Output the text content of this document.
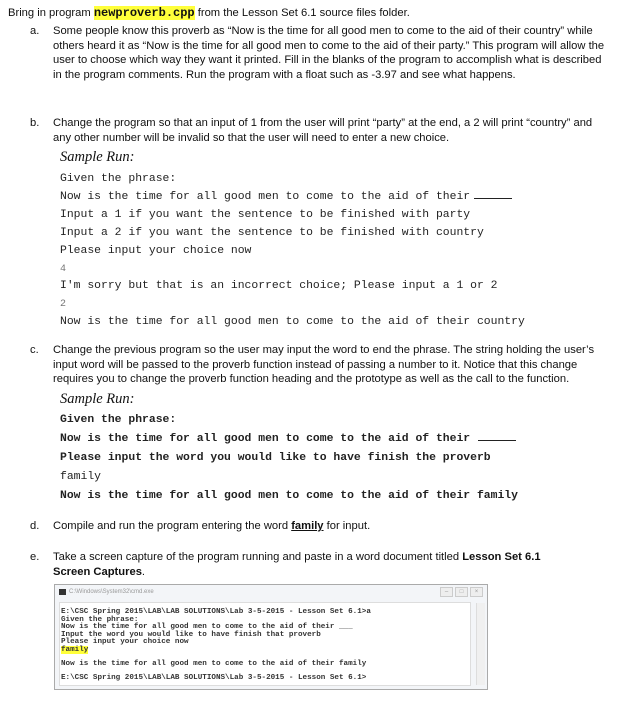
Bring in program newproverb.cpp from the Lesson Set 6.1 source files folder.
a. Some people know this proverb as “Now is the time for all good men to come to the aid of their country” while others heard it as “Now is the time for all good men to come to the aid of their party.” This program will allow the user to choose which way they want it printed. Fill in the blanks of the program to accomplish what is described in the program comments. Run the program with a float such as -3.97 and see what happens.
b. Change the program so that an input of 1 from the user will print “party” at the end, a 2 will print “country” and any other number will be invalid so that the user will need to enter a new choice.
Sample Run:
Given the phrase:
Now is the time for all good men to come to the aid of their
Input a 1 if you want the sentence to be finished with party
Input a 2 if you want the sentence to be finished with country
Please input your choice now
4
I'm sorry but that is an incorrect choice; Please input a 1 or 2
2
Now is the time for all good men to come to the aid of their country
c. Change the previous program so the user may input the word to end the phrase. The string holding the user’s input word will be passed to the proverb function instead of passing a number to it. Notice that this change requires you to change the proverb function heading and the prototype as well as the call to the function.
Sample Run:
Given the phrase:
Now is the time for all good men to come to the aid of their
Please input the word you would like to have finish the proverb
family
Now is the time for all good men to come to the aid of their family
d. Compile and run the program entering the word family for input.
e. Take a screen capture of the program running and paste in a word document titled Lesson Set 6.1 Screen Captures.
C:\Windows\System32\cmd.exe	–	□	×
E:\CSC Spring 2015\LAB\LAB SOLUTIONS\Lab 3-5-2015 - Lesson Set 6.1>a
Given the phrase:
Now is the time for all good men to come to the aid of their ___
Input the word you would like to have finish that proverb
Please input your choice now
family
Now is the time for all good men to come to the aid of their family
E:\CSC Spring 2015\LAB\LAB SOLUTIONS\Lab 3-5-2015 - Lesson Set 6.1>
